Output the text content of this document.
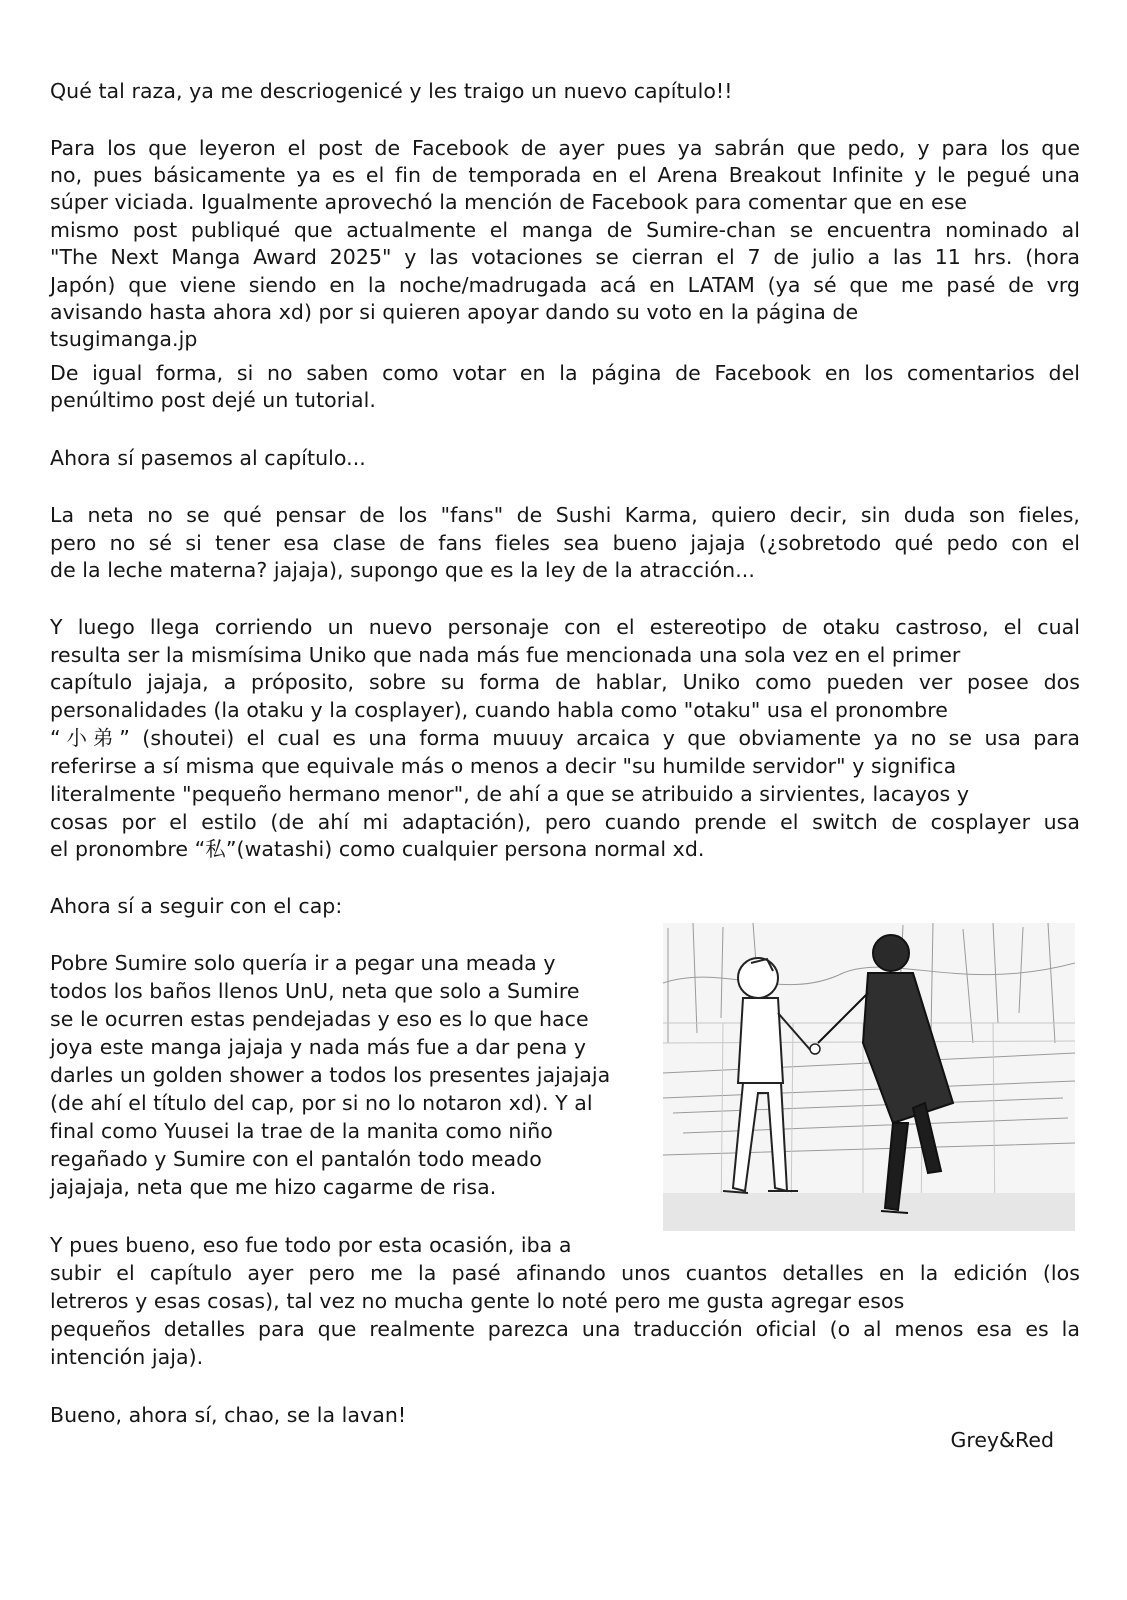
Qué tal raza, ya me descriogenicé y les traigo un nuevo capítulo!!
Para los que leyeron el post de Facebook de ayer pues ya sabrán que pedo, y para los que
no, pues básicamente ya es el fin de temporada en el Arena Breakout Infinite y le pegué una
súper viciada. Igualmente aprovechó la mención de Facebook para comentar que en ese
mismo post publiqué que actualmente el manga de Sumire-chan se encuentra nominado al
"The Next Manga Award 2025" y las votaciones se cierran el 7 de julio a las 11 hrs. (hora
Japón) que viene siendo en la noche/madrugada acá en LATAM (ya sé que me pasé de vrg
avisando hasta ahora xd) por si quieren apoyar dando su voto en la página de
tsugimanga.jp
De igual forma, si no saben como votar en la página de Facebook en los comentarios del
penúltimo post dejé un tutorial.
Ahora sí pasemos al capítulo...
La neta no se qué pensar de los "fans" de Sushi Karma, quiero decir, sin duda son fieles,
pero no sé si tener esa clase de fans fieles sea bueno jajaja (¿sobretodo qué pedo con el
de la leche materna? jajaja), supongo que es la ley de la atracción...
Y luego llega corriendo un nuevo personaje con el estereotipo de otaku castroso, el cual
resulta ser la mismísima Uniko que nada más fue mencionada una sola vez en el primer
capítulo jajaja, a próposito, sobre su forma de hablar, Uniko como pueden ver posee dos
personalidades (la otaku y la cosplayer), cuando habla como "otaku" usa el pronombre
“小弟” (shoutei) el cual es una forma muuuy arcaica y que obviamente ya no se usa para
referirse a sí misma que equivale más o menos a decir "su humilde servidor" y significa
literalmente "pequeño hermano menor", de ahí a que se atribuido a sirvientes, lacayos y
cosas por el estilo (de ahí mi adaptación), pero cuando prende el switch de cosplayer usa
el pronombre “私”(watashi) como cualquier persona normal xd.
Ahora sí a seguir con el cap:
Pobre Sumire solo quería ir a pegar una meada y
todos los baños llenos UnU, neta que solo a Sumire
se le ocurren estas pendejadas y eso es lo que hace
joya este manga jajaja y nada más fue a dar pena y
darles un golden shower a todos los presentes jajajaja
(de ahí el título del cap, por si no lo notaron xd). Y al
final como Yuusei la trae de la manita como niño
regañado y Sumire con el pantalón todo meado
jajajaja, neta que me hizo cagarme de risa.
Y pues bueno, eso fue todo por esta ocasión, iba a
subir el capítulo ayer pero me la pasé afinando unos cuantos detalles en la edición (los
letreros y esas cosas), tal vez no mucha gente lo noté pero me gusta agregar esos
pequeños detalles para que realmente parezca una traducción oficial (o al menos esa es la
intención jaja).
Bueno, ahora sí, chao, se la lavan!
Grey&Red
